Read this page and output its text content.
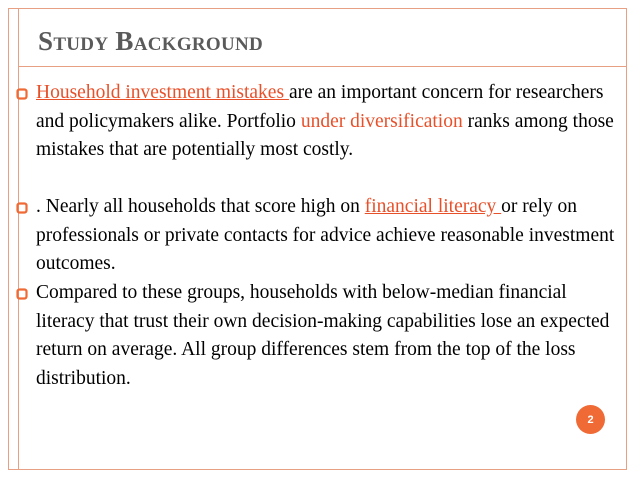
Study Background
Household investment mistakes are an important concern for researchers and policymakers alike. Portfolio under diversification ranks among those mistakes that are potentially most costly.
. Nearly all households that score high on financial literacy or rely on professionals or private contacts for advice achieve reasonable investment outcomes.
Compared to these groups, households with below-median financial literacy that trust their own decision-making capabilities lose an expected return on average. All group differences stem from the top of the loss distribution.
2
